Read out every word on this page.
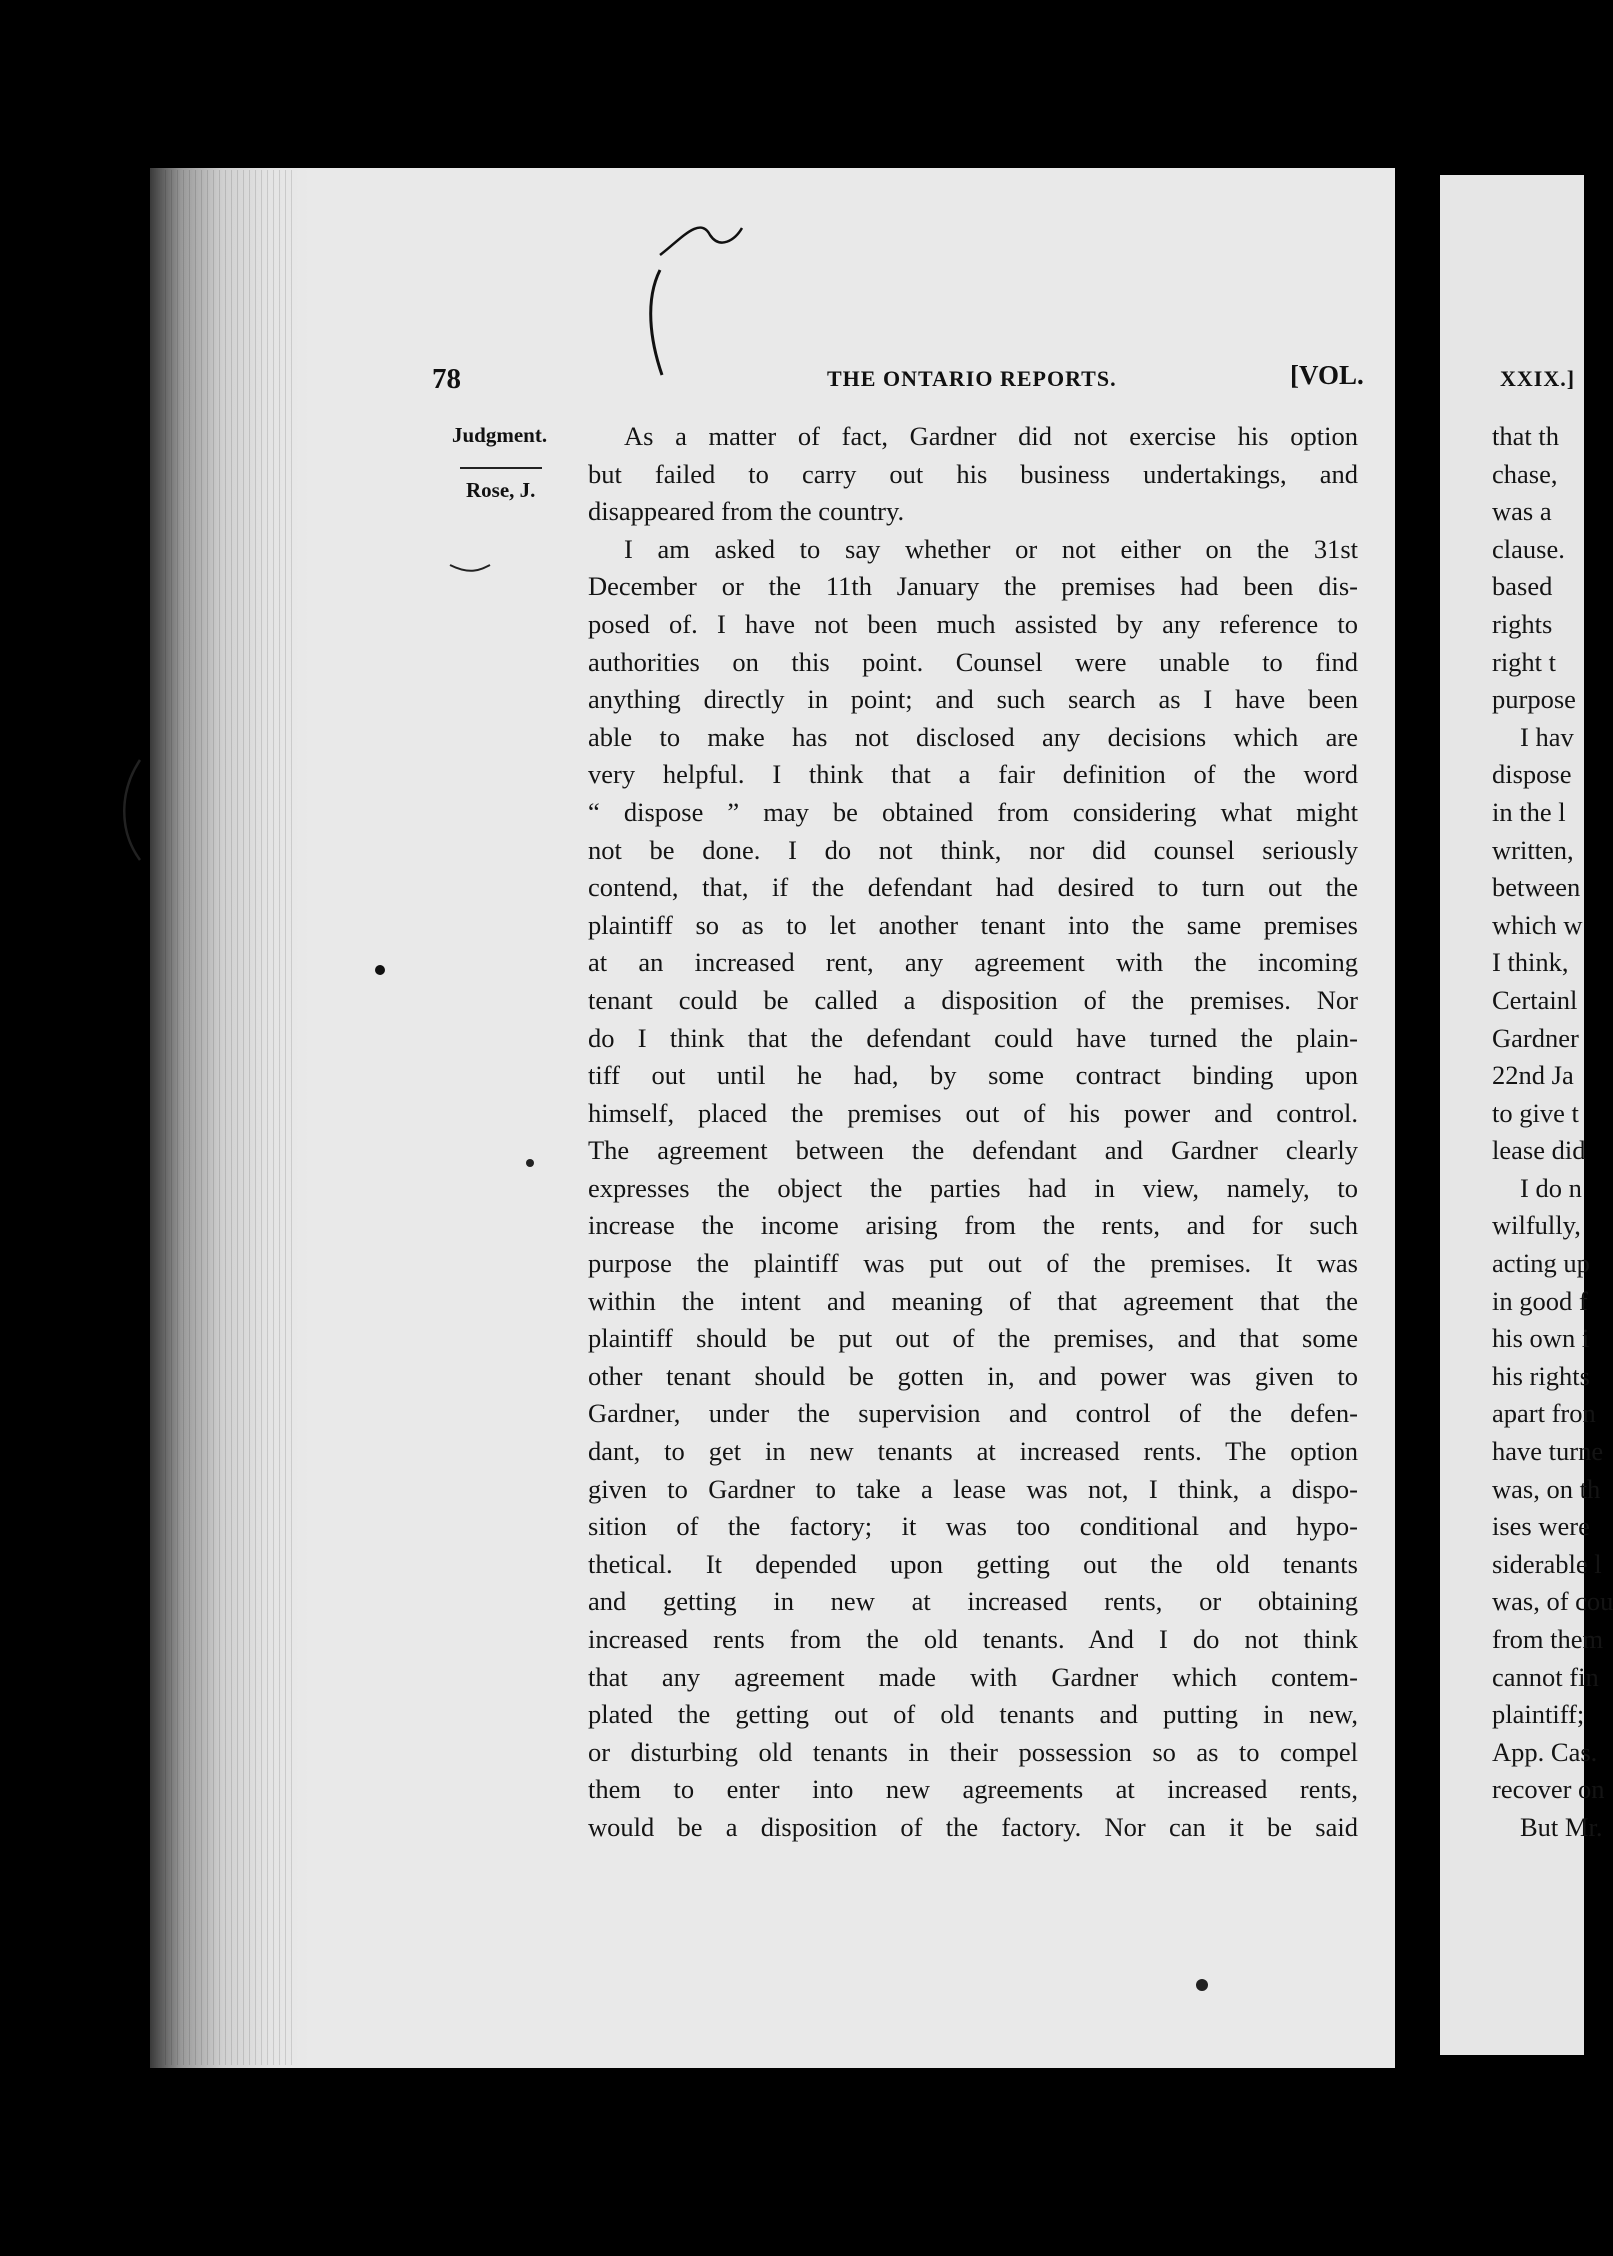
78	THE ONTARIO REPORTS.	[VOL.
Judgment.
Rose, J.
As a matter of fact, Gardner did not exercise his option
but failed to carry out his business undertakings, and
disappeared from the country.
I am asked to say whether or not either on the 31st
December or the 11th January the premises had been dis-
posed of. I have not been much assisted by any reference to
authorities on this point. Counsel were unable to find
anything directly in point; and such search as I have been
able to make has not disclosed any decisions which are
very helpful. I think that a fair definition of the word
“ dispose ” may be obtained from considering what might
not be done. I do not think, nor did counsel seriously
contend, that, if the defendant had desired to turn out the
plaintiff so as to let another tenant into the same premises
at an increased rent, any agreement with the incoming
tenant could be called a disposition of the premises. Nor
do I think that the defendant could have turned the plain-
tiff out until he had, by some contract binding upon
himself, placed the premises out of his power and control.
The agreement between the defendant and Gardner clearly
expresses the object the parties had in view, namely, to
increase the income arising from the rents, and for such
purpose the plaintiff was put out of the premises. It was
within the intent and meaning of that agreement that the
plaintiff should be put out of the premises, and that some
other tenant should be gotten in, and power was given to
Gardner, under the supervision and control of the defen-
dant, to get in new tenants at increased rents. The option
given to Gardner to take a lease was not, I think, a dispo-
sition of the factory; it was too conditional and hypo-
thetical. It depended upon getting out the old tenants
and getting in new at increased rents, or obtaining
increased rents from the old tenants. And I do not think
that any agreement made with Gardner which contem-
plated the getting out of old tenants and putting in new,
or disturbing old tenants in their possession so as to compel
them to enter into new agreements at increased rents,
would be a disposition of the factory. Nor can it be said
XXIX.]
that th
chase,
was a
clause.
based
rights
right t
purpose
I hav
dispose
in the l
written,
between
which w
I think,
Certainl
Gardner
22nd Ja
to give t
lease did
I do n
wilfully,
acting up
in good f
his own i
his rights
apart fron
have turne
was, on th
ises were
siderable l
was, of cou
from them
cannot fin
plaintiff;
App. Cas.
recover on
But Mr.
